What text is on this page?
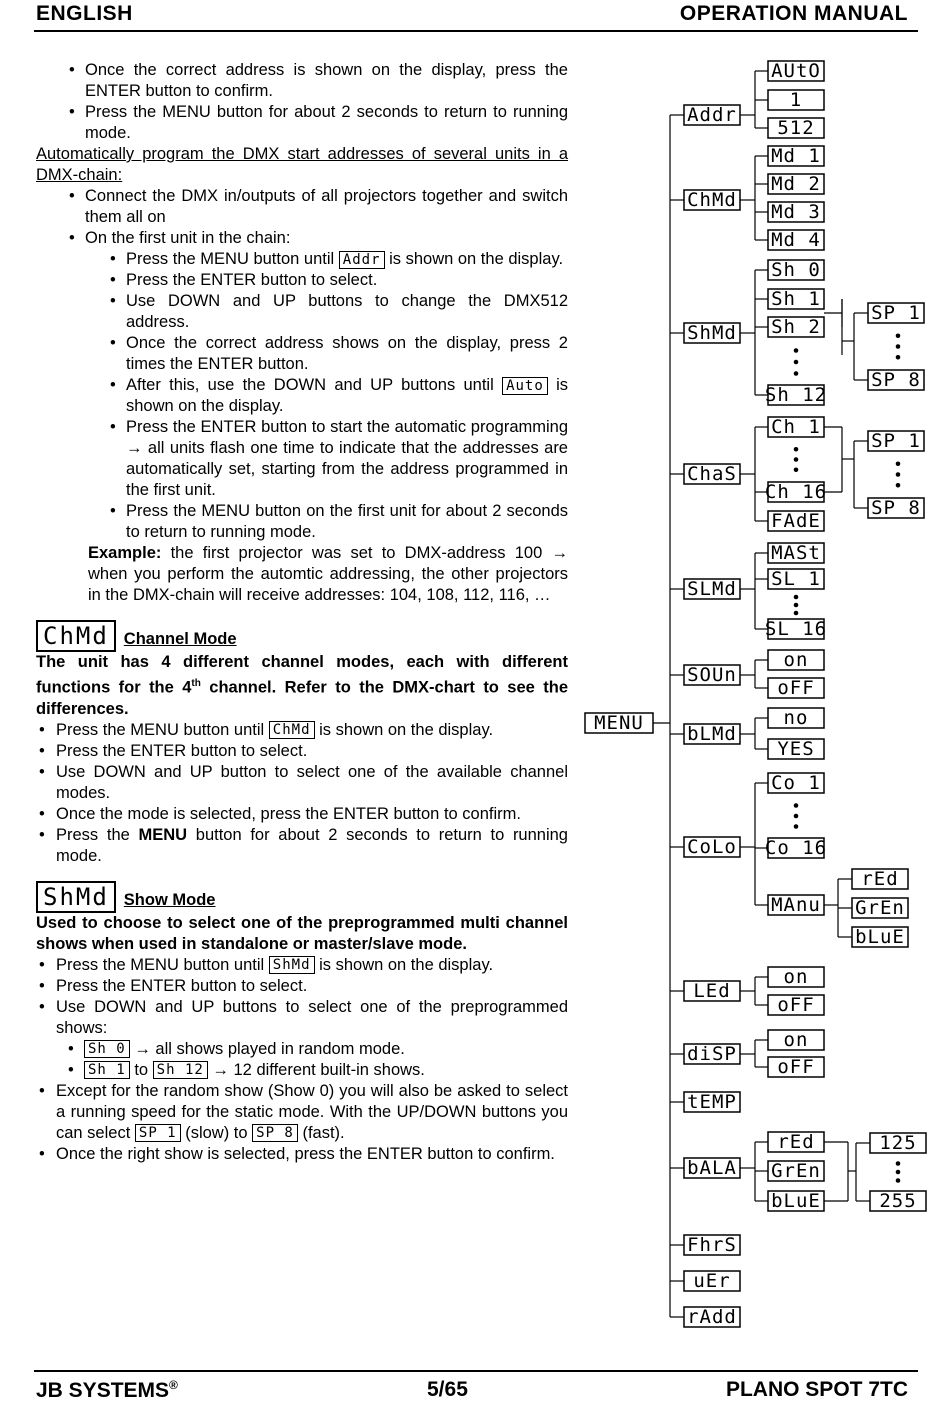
ENGLISH	OPERATION MANUAL
• Once the correct address is shown on the display, press the ENTER button to confirm.
• Press the MENU button for about 2 seconds to return to running mode.
Automatically program the DMX start addresses of several units in a DMX-chain:
• Connect the DMX in/outputs of all projectors together and switch them all on
• On the first unit in the chain:
• Press the MENU button until Addr is shown on the display.
• Press the ENTER button to select.
• Use DOWN and UP buttons to change the DMX512 address.
• Once the correct address shows on the display, press 2 times the ENTER button.
• After this, use the DOWN and UP buttons until Auto is shown on the display.
• Press the ENTER button to start the automatic programming → all units flash one time to indicate that the addresses are automatically set, starting from the address programmed in the first unit.
• Press the MENU button on the first unit for about 2 seconds to return to running mode.
Example: the first projector was set to DMX-address 100 → when you perform the automtic addressing, the other projectors in the DMX-chain will receive addresses: 104, 108, 112, 116, …
ChMd Channel Mode
The unit has 4 different channel modes, each with different functions for the 4th channel. Refer to the DMX-chart to see the differences.
• Press the MENU button until ChMd is shown on the display.
• Press the ENTER button to select.
• Use DOWN and UP button to select one of the available channel modes.
• Once the mode is selected, press the ENTER button to confirm.
• Press the MENU button for about 2 seconds to return to running mode.
ShMd Show Mode
Used to choose to select one of the preprogrammed multi channel shows when used in standalone or master/slave mode.
• Press the MENU button until ShMd is shown on the display.
• Press the ENTER button to select.
• Use DOWN and UP buttons to select one of the preprogrammed shows:
• Sh 0 → all shows played in random mode.
• Sh 1 to Sh 12 → 12 different built-in shows.
• Except for the random show (Show 0) you will also be asked to select a running speed for the static mode. With the UP/DOWN buttons you can select SP 1 (slow) to SP 8 (fast).
• Once the right show is selected, press the ENTER button to confirm.
MENU
Addr
ChMd
ShMd
ChaS
SLMd
SOUn
bLMd
CoLo
LEd
diSP
tEMP
bALA
FhrS
uEr
rAdd
AUtO
1
512
Md 1
Md 2
Md 3
Md 4
Sh 0
Sh 1
Sh 2
Sh 12
SP 1
SP 8
Ch 1
Ch 16
FAdE
SP 1
SP 8
MASt
SL 1
SL 16
on
oFF
no
YES
Co 1
Co 16
MAnu
rEd
GrEn
bLuE
on
oFF
on
oFF
rEd
GrEn
bLuE
125
255
JB SYSTEMS®	5/65	PLANO SPOT 7TC
